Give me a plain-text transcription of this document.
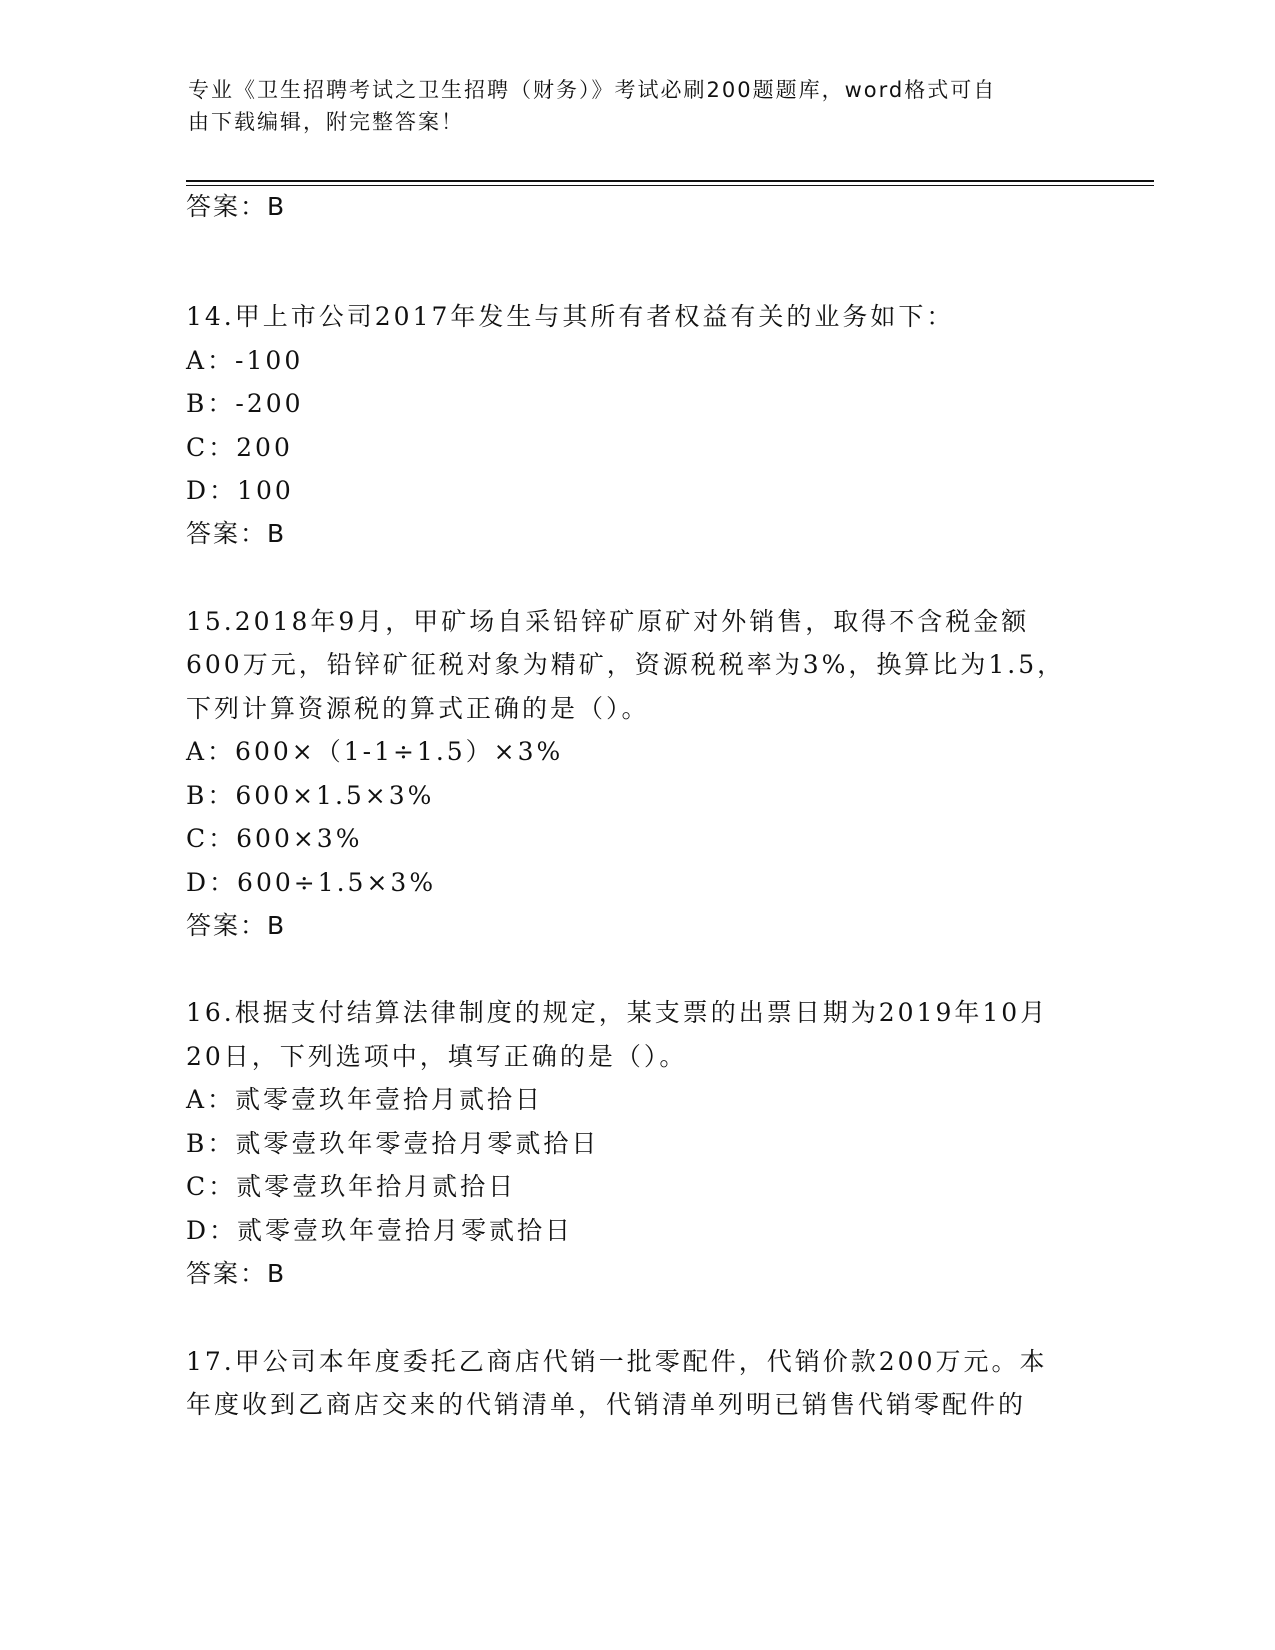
专业《卫生招聘考试之卫生招聘（财务）》考试必刷200题题库，word格式可自
由下载编辑，附完整答案！
答案：B
14.甲上市公司2017年发生与其所有者权益有关的业务如下：
A：-100
B：-200
C：200
D：100
答案：B
15.2018年9月，甲矿场自采铅锌矿原矿对外销售，取得不含税金额
600万元，铅锌矿征税对象为精矿，资源税税率为3%，换算比为1.5，
下列计算资源税的算式正确的是（）。
A：600×（1-1÷1.5）×3%
B：600×1.5×3%
C：600×3%
D：600÷1.5×3%
答案：B
16.根据支付结算法律制度的规定，某支票的出票日期为2019年10月
20日，下列选项中，填写正确的是（）。
A：贰零壹玖年壹拾月贰拾日
B：贰零壹玖年零壹拾月零贰拾日
C：贰零壹玖年拾月贰拾日
D：贰零壹玖年壹拾月零贰拾日
答案：B
17.甲公司本年度委托乙商店代销一批零配件，代销价款200万元。本
年度收到乙商店交来的代销清单，代销清单列明已销售代销零配件的
